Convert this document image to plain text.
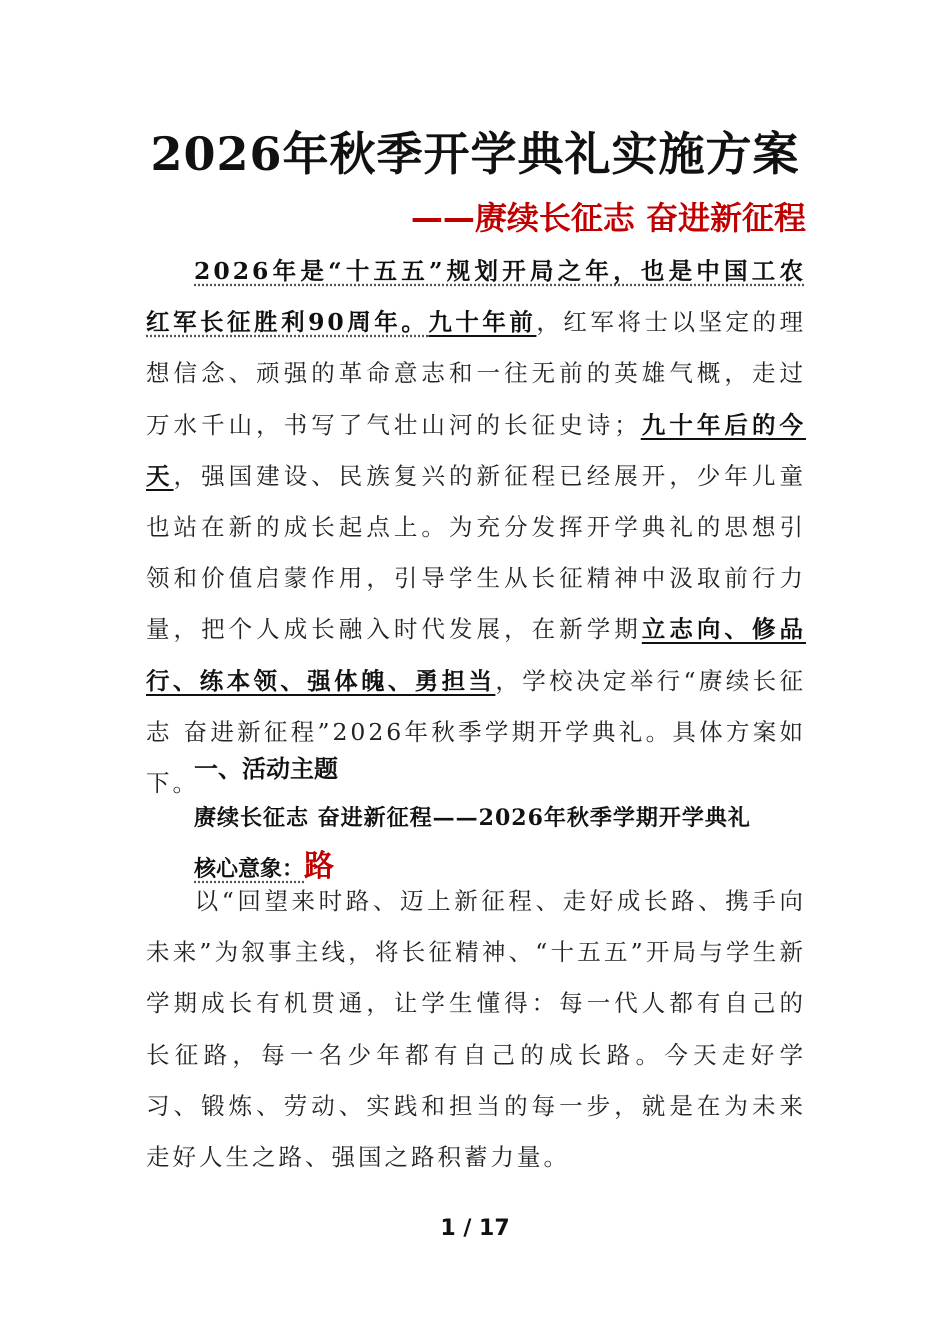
2026年秋季开学典礼实施方案
——赓续长征志 奋进新征程
2026年是“十五五”规划开局之年，也是中国工农红军长征胜利90周年。九十年前，红军将士以坚定的理想信念、顽强的革命意志和一往无前的英雄气概，走过万水千山，书写了气壮山河的长征史诗；九十年后的今天，强国建设、民族复兴的新征程已经展开，少年儿童也站在新的成长起点上。为充分发挥开学典礼的思想引领和价值启蒙作用，引导学生从长征精神中汲取前行力量，把个人成长融入时代发展，在新学期立志向、修品行、练本领、强体魄、勇担当，学校决定举行“赓续长征志 奋进新征程”2026年秋季学期开学典礼。具体方案如下。
一、活动主题
赓续长征志 奋进新征程——2026年秋季学期开学典礼
核心意象：路
以“回望来时路、迈上新征程、走好成长路、携手向未来”为叙事主线，将长征精神、“十五五”开局与学生新学期成长有机贯通，让学生懂得：每一代人都有自己的长征路，每一名少年都有自己的成长路。今天走好学习、锻炼、劳动、实践和担当的每一步，就是在为未来走好人生之路、强国之路积蓄力量。
1 / 17
